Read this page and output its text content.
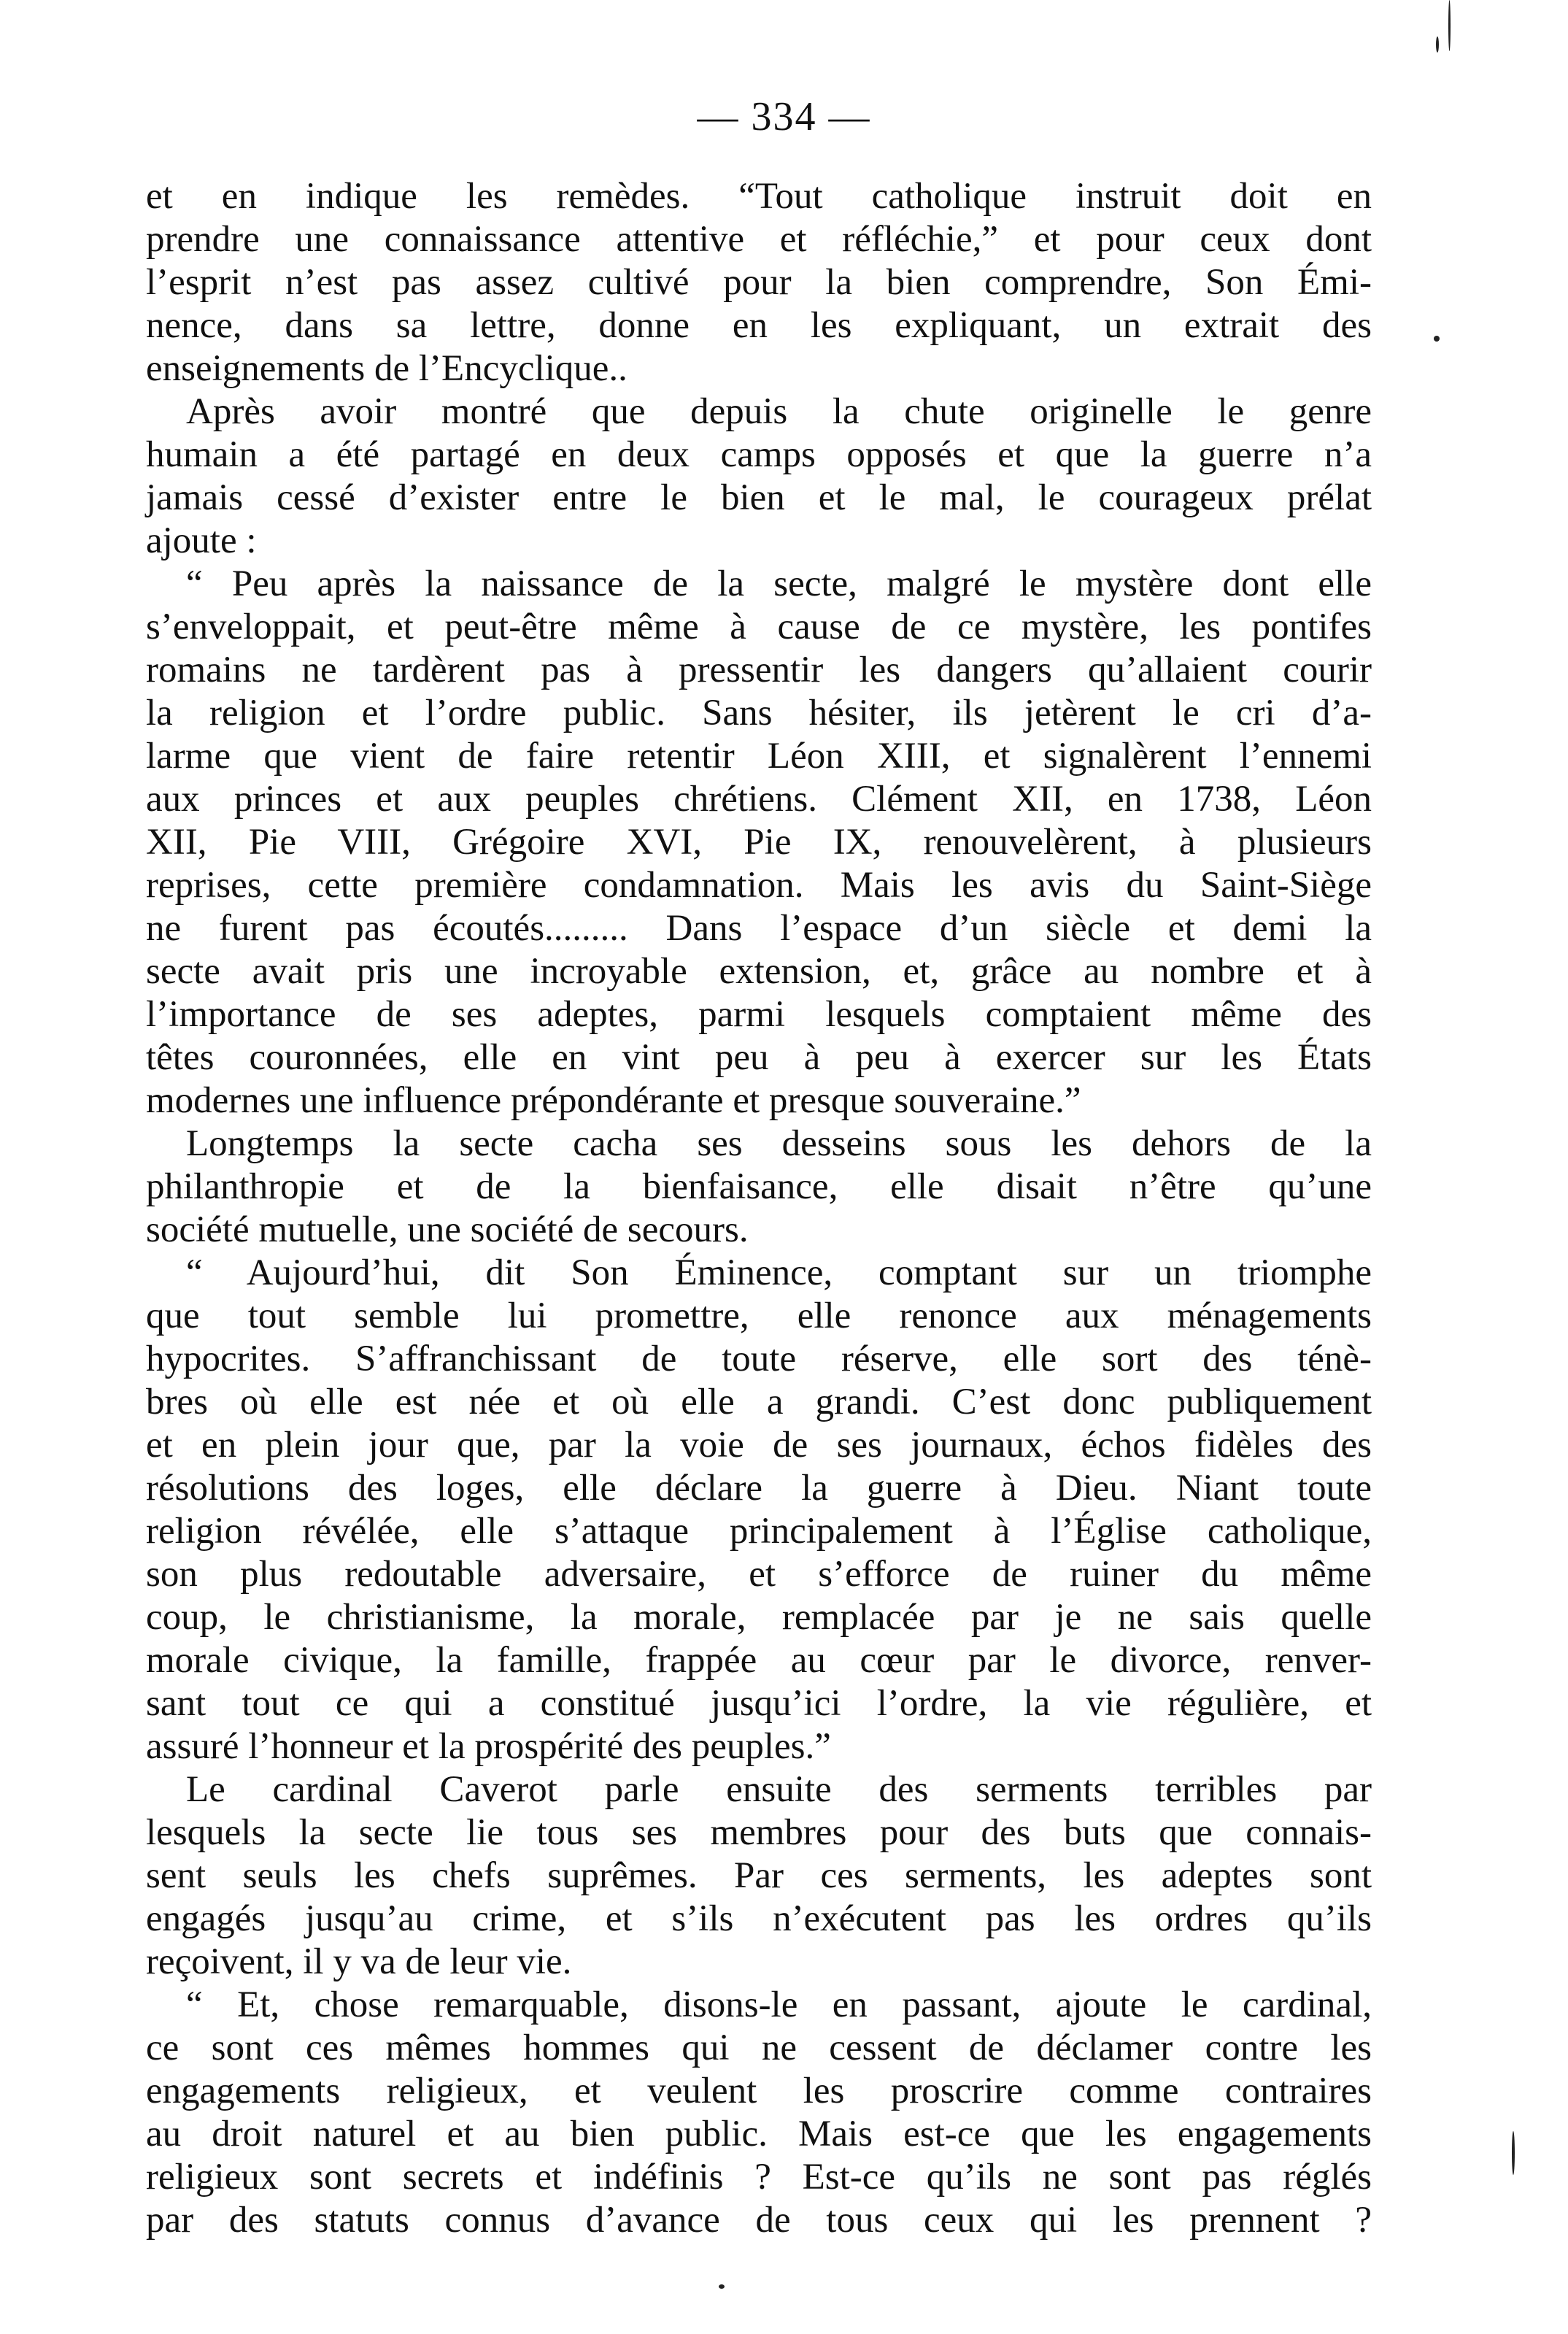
— 334 —
et en indique les remèdes. “Tout catholique instruit doit en
prendre une connaissance attentive et réfléchie,” et pour ceux dont
l’esprit n’est pas assez cultivé pour la bien comprendre, Son Émi-
nence, dans sa lettre, donne en les expliquant, un extrait des
enseignements de l’Encyclique..
Après avoir montré que depuis la chute originelle le genre
humain a été partagé en deux camps opposés et que la guerre n’a
jamais cessé d’exister entre le bien et le mal, le courageux prélat
ajoute :
“ Peu après la naissance de la secte, malgré le mystère dont elle
s’enveloppait, et peut-être même à cause de ce mystère, les pontifes
romains ne tardèrent pas à pressentir les dangers qu’allaient courir
la religion et l’ordre public. Sans hésiter, ils jetèrent le cri d’a-
larme que vient de faire retentir Léon XIII, et signalèrent l’ennemi
aux princes et aux peuples chrétiens. Clément XII, en 1738, Léon
XII, Pie VIII, Grégoire XVI, Pie IX, renouvelèrent, à plusieurs
reprises, cette première condamnation. Mais les avis du Saint-Siège
ne furent pas écoutés......... Dans l’espace d’un siècle et demi la
secte avait pris une incroyable extension, et, grâce au nombre et à
l’importance de ses adeptes, parmi lesquels comptaient même des
têtes couronnées, elle en vint peu à peu à exercer sur les États
modernes une influence prépondérante et presque souveraine.”
Longtemps la secte cacha ses desseins sous les dehors de la
philanthropie et de la bienfaisance, elle disait n’être qu’une
société mutuelle, une société de secours.
“ Aujourd’hui, dit Son Éminence, comptant sur un triomphe
que tout semble lui promettre, elle renonce aux ménagements
hypocrites. S’affranchissant de toute réserve, elle sort des ténè-
bres où elle est née et où elle a grandi. C’est donc publiquement
et en plein jour que, par la voie de ses journaux, échos fidèles des
résolutions des loges, elle déclare la guerre à Dieu. Niant toute
religion révélée, elle s’attaque principalement à l’Église catholique,
son plus redoutable adversaire, et s’efforce de ruiner du même
coup, le christianisme, la morale, remplacée par je ne sais quelle
morale civique, la famille, frappée au cœur par le divorce, renver-
sant tout ce qui a constitué jusqu’ici l’ordre, la vie régulière, et
assuré l’honneur et la prospérité des peuples.”
Le cardinal Caverot parle ensuite des serments terribles par
lesquels la secte lie tous ses membres pour des buts que connais-
sent seuls les chefs suprêmes. Par ces serments, les adeptes sont
engagés jusqu’au crime, et s’ils n’exécutent pas les ordres qu’ils
reçoivent, il y va de leur vie.
“ Et, chose remarquable, disons-le en passant, ajoute le cardinal,
ce sont ces mêmes hommes qui ne cessent de déclamer contre les
engagements religieux, et veulent les proscrire comme contraires
au droit naturel et au bien public. Mais est-ce que les engagements
religieux sont secrets et indéfinis ? Est-ce qu’ils ne sont pas réglés
par des statuts connus d’avance de tous ceux qui les prennent ?
